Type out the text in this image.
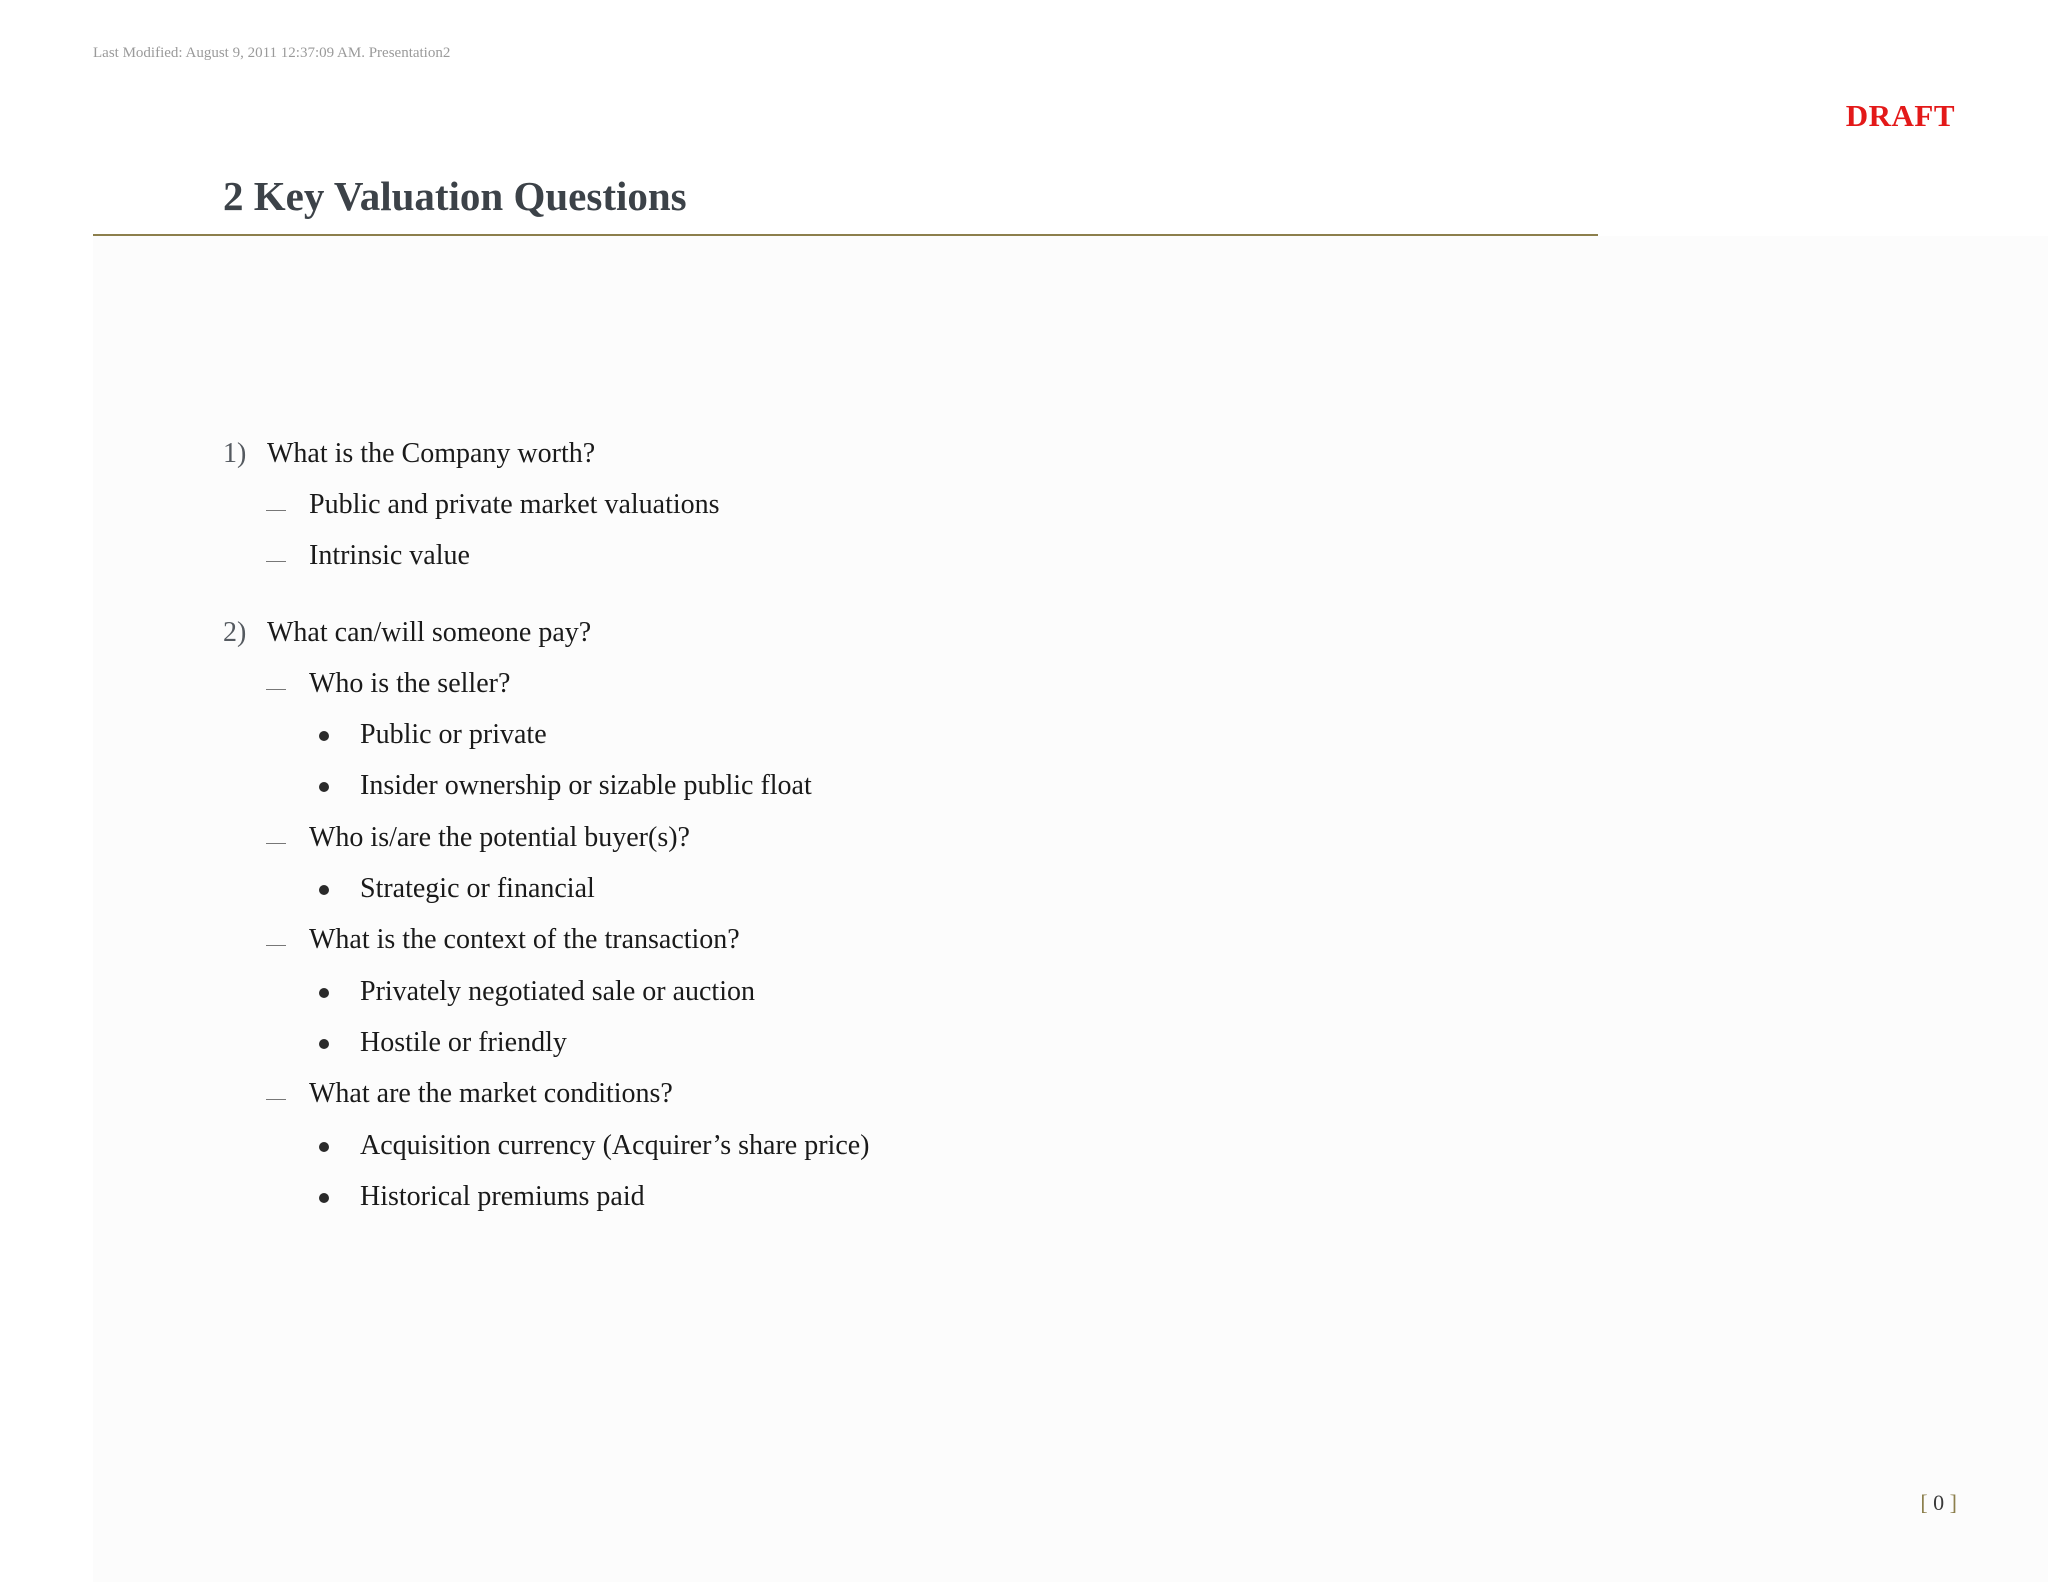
Last Modified: August 9, 2011 12:37:09 AM. Presentation2
DRAFT
2 Key Valuation Questions
1) What is the Company worth?
Public and private market valuations
Intrinsic value
2) What can/will someone pay?
Who is the seller?
Public or private
Insider ownership or sizable public float
Who is/are the potential buyer(s)?
Strategic or financial
What is the context of the transaction?
Privately negotiated sale or auction
Hostile or friendly
What are the market conditions?
Acquisition currency (Acquirer’s share price)
Historical premiums paid
[ 0 ]
